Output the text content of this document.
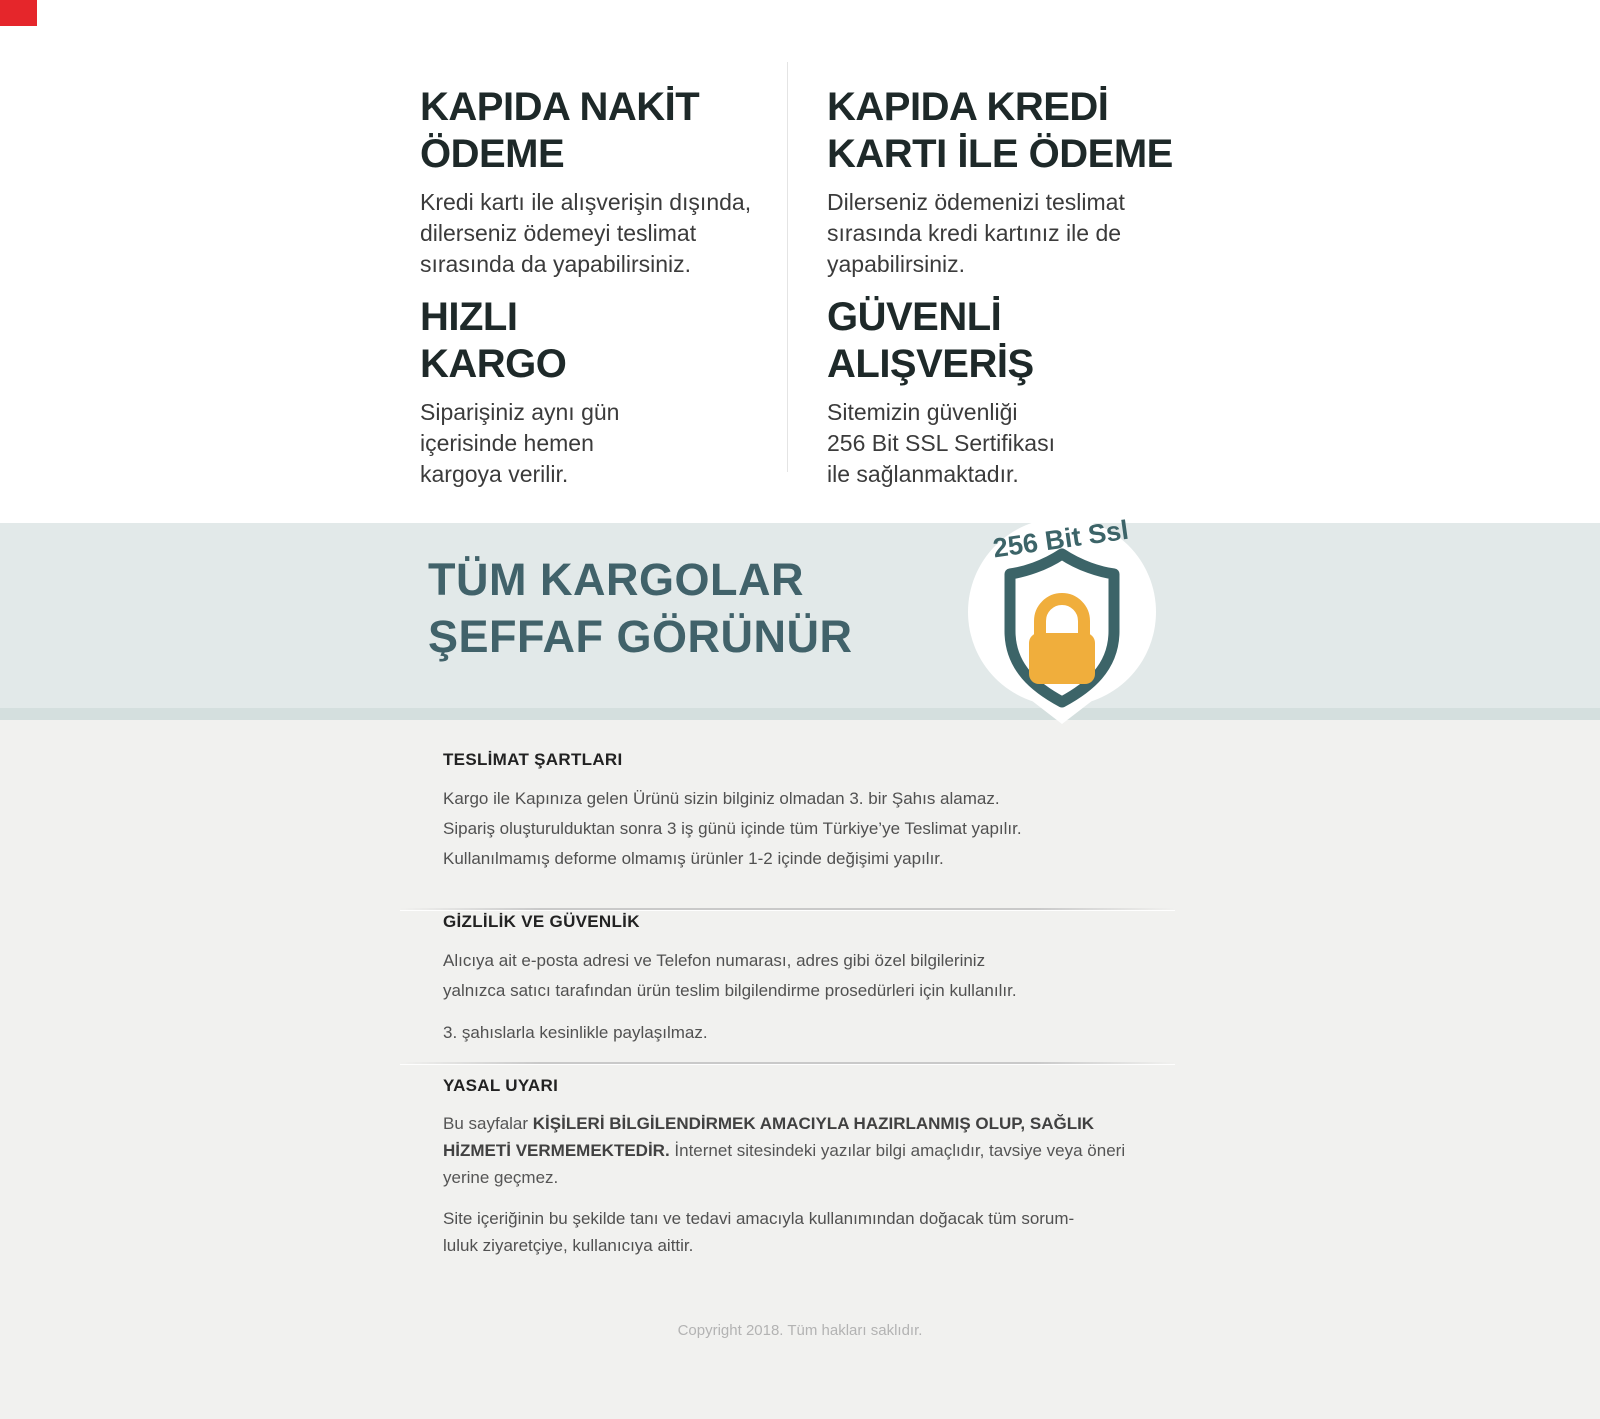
KAPIDA NAKİT
ÖDEME

Kredi kartı ile alışverişin dışında,
dilerseniz ödemeyi teslimat
sırasında da yapabilirsiniz.

KAPIDA KREDİ
KARTI İLE ÖDEME

Dilerseniz ödemenizi teslimat
sırasında kredi kartınız ile de
yapabilirsiniz.

HIZLI
KARGO

Siparişiniz aynı gün
içerisinde hemen
kargoya verilir.

GÜVENLİ
ALIŞVERİŞ

Sitemizin güvenliği
256 Bit SSL Sertifikası
ile sağlanmaktadır.

TÜM KARGOLAR
ŞEFFAF GÖRÜNÜR
256 Bit Ssl
TESLİMAT ŞARTLARI

Kargo ile Kapınıza gelen Ürünü sizin bilginiz olmadan 3. bir Şahıs alamaz.

Sipariş oluşturulduktan sonra 3 iş günü içinde tüm Türkiye’ye Teslimat yapılır.

Kullanılmamış deforme olmamış ürünler 1-2 içinde değişimi yapılır.

GİZLİLİK VE GÜVENLİK

Alıcıya ait e-posta adresi ve Telefon numarası, adres gibi özel bilgileriniz

yalnızca satıcı tarafından ürün teslim bilgilendirme prosedürleri için kullanılır.

3. şahıslarla kesinlikle paylaşılmaz.

YASAL UYARI

Bu sayfalar KİŞİLERİ BİLGİLENDİRMEK AMACIYLA HAZIRLANMIŞ OLUP, SAĞLIK HİZMETİ VERMEMEKTEDİR. İnternet sitesindeki yazılar bilgi amaçlıdır, tavsiye veya öneri yerine geçmez.

Site içeriğinin bu şekilde tanı ve tedavi amacıyla kullanımından doğacak tüm sorum-
luluk ziyaretçiye, kullanıcıya aittir.

Copyright 2018. Tüm hakları saklıdır.
